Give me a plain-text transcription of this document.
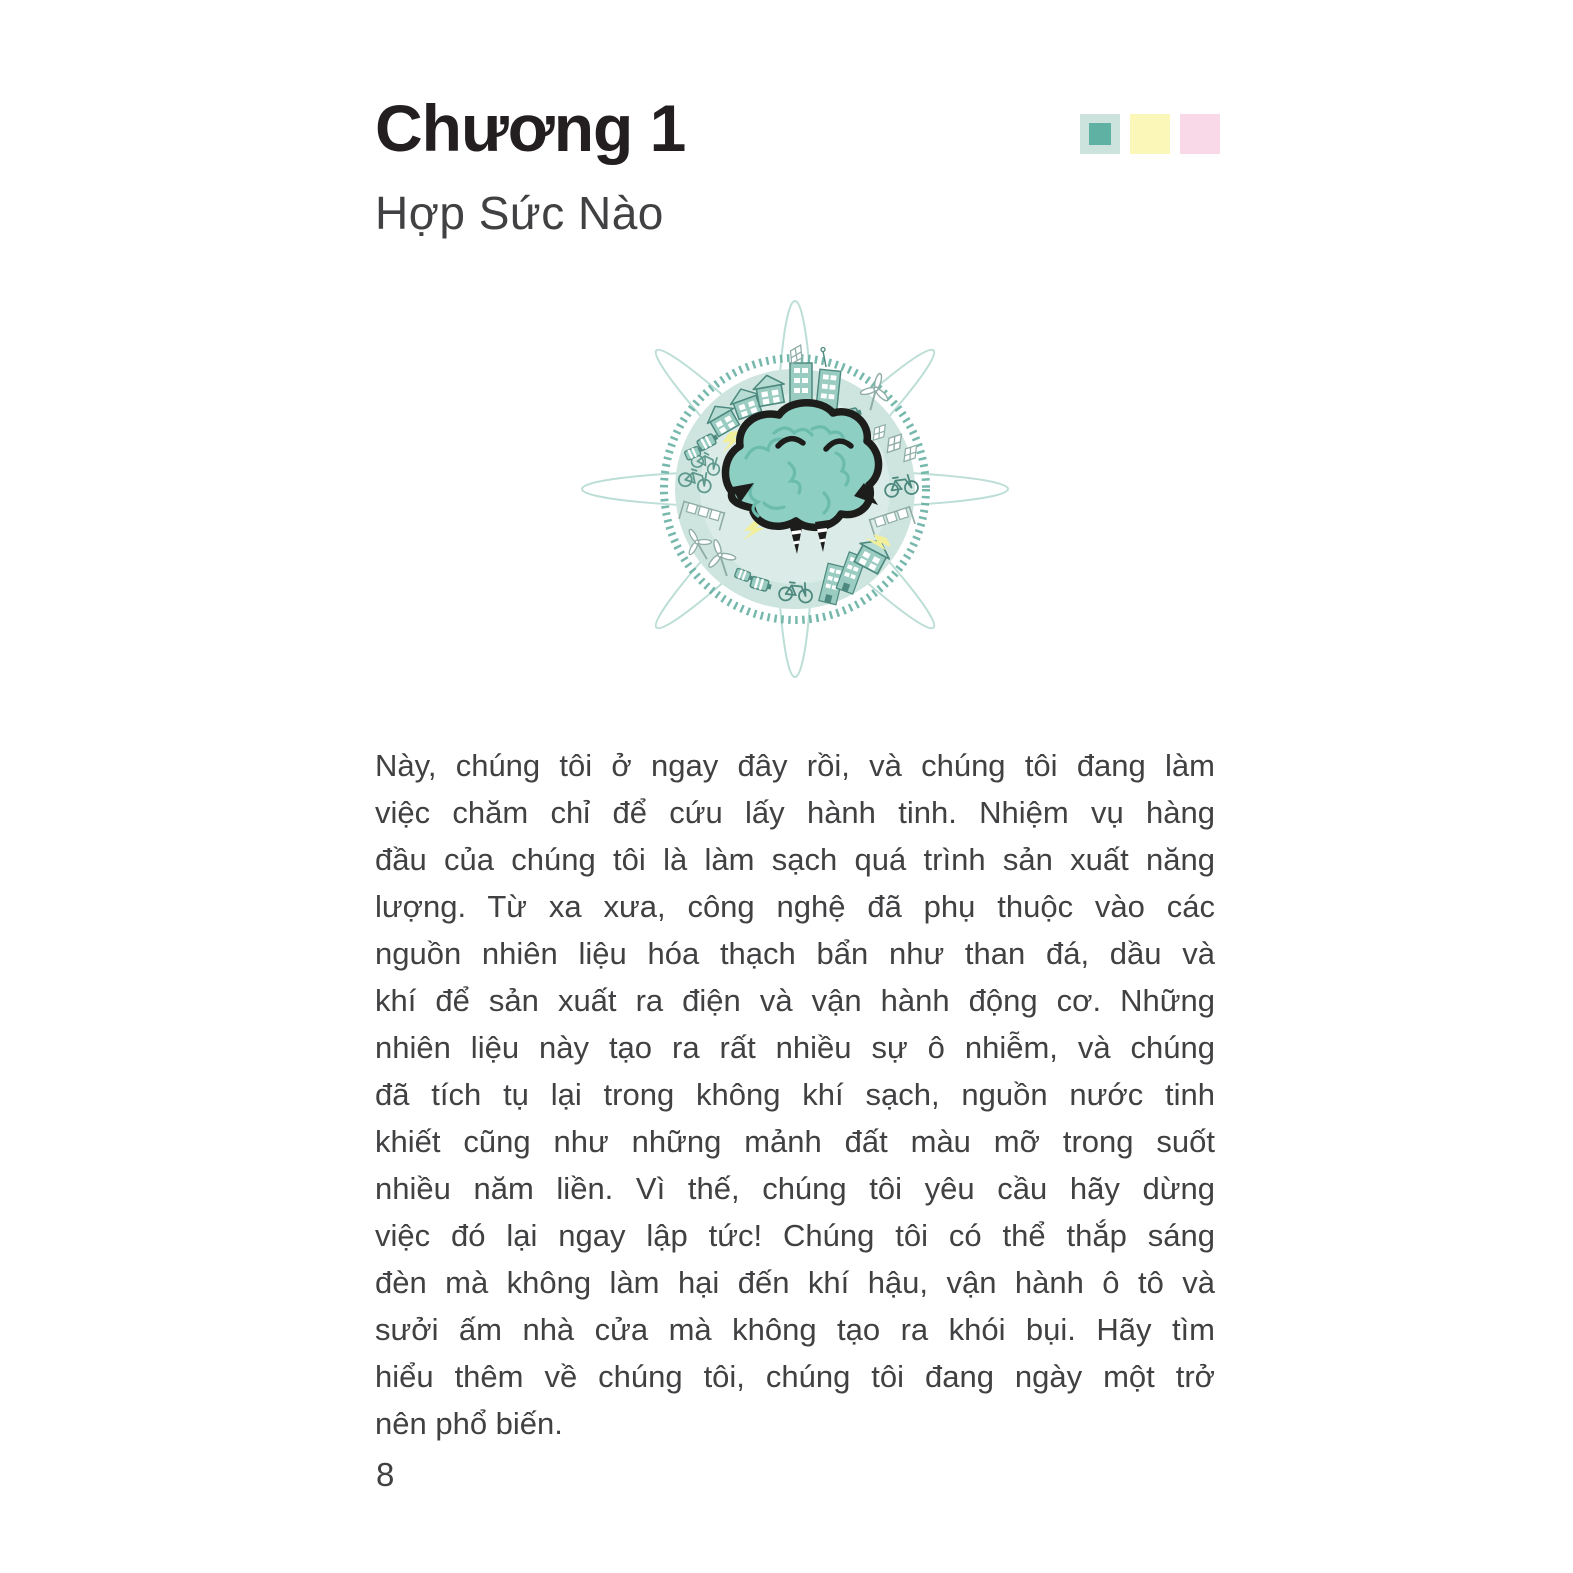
Chương 1
Hợp Sức Nào
Này, chúng tôi ở ngay đây rồi, và chúng tôi đang làm
việc chăm chỉ để cứu lấy hành tinh. Nhiệm vụ hàng
đầu của chúng tôi là làm sạch quá trình sản xuất năng
lượng. Từ xa xưa, công nghệ đã phụ thuộc vào các
nguồn nhiên liệu hóa thạch bẩn như than đá, dầu và
khí để sản xuất ra điện và vận hành động cơ. Những
nhiên liệu này tạo ra rất nhiều sự ô nhiễm, và chúng
đã tích tụ lại trong không khí sạch, nguồn nước tinh
khiết cũng như những mảnh đất màu mỡ trong suốt
nhiều năm liền. Vì thế, chúng tôi yêu cầu hãy dừng
việc đó lại ngay lập tức! Chúng tôi có thể thắp sáng
đèn mà không làm hại đến khí hậu, vận hành ô tô và
sưởi ấm nhà cửa mà không tạo ra khói bụi. Hãy tìm
hiểu thêm về chúng tôi, chúng tôi đang ngày một trở
nên phổ biến.
8
